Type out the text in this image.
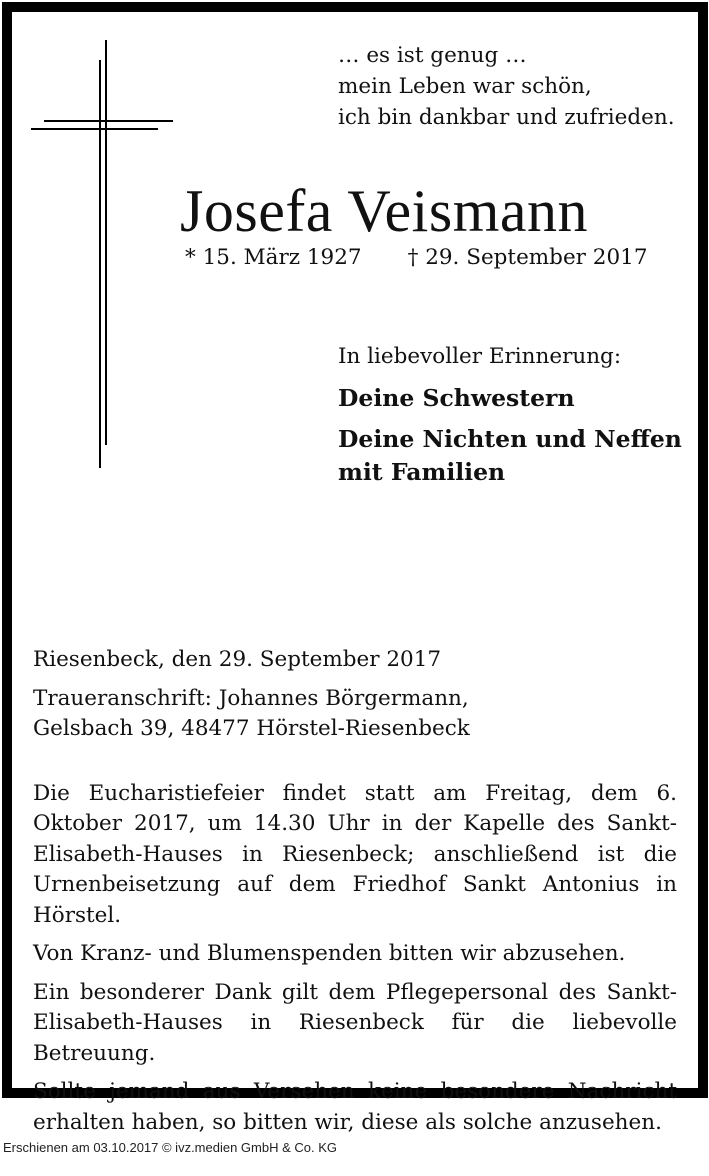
… es ist genug …
mein Leben war schön,
ich bin dankbar und zufrieden.
Josefa Veismann
* 15. März 1927 † 29. September 2017
In liebevoller Erinnerung:
Deine Schwestern
Deine Nichten und Neffen
mit Familien

Riesenbeck, den 29. September 2017

Traueranschrift: Johannes Börgermann,

Gelsbach 39, 48477 Hörstel-Riesenbeck

Die Eucharistiefeier findet statt am Freitag, dem 6. Oktober 2017, um 14.30 Uhr in der Kapelle des Sankt-Elisabeth-Hauses in Riesenbeck; anschließend ist die Urnenbeisetzung auf dem Friedhof Sankt Antonius in Hörstel.

Von Kranz- und Blumenspenden bitten wir abzusehen.

Ein besonderer Dank gilt dem Pflegepersonal des Sankt-Elisabeth-Hauses in Riesenbeck für die liebevolle Betreuung.

Sollte jemand aus Versehen keine besondere Nachricht erhalten haben, so bitten wir, diese als solche anzusehen.

Erschienen am 03.10.2017 © ivz.medien GmbH & Co. KG
